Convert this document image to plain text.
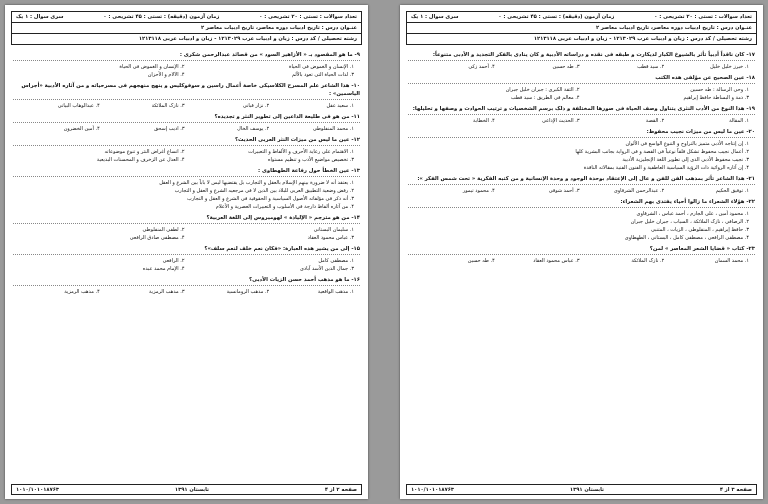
تعداد سوالات : تستی : ۲۰ تشریحی : ۰
زمان آزمون (دقیقه) : تستی : ۴۵ تشریحی : ۰
سری سوال : ۱ یک
عنـوان درس : تاریخ ادبیات دوره معاصر، تاریخ ادبیات معاصر ۲
رشته تحصیلی / کد درس : زبان و ادبیات عرب ۱۲۱۳۰۲۹ - زبان و ادبیات عربی ۱۲۱۳۱۱۸
۹- ما هو المقصود بـ « الأزاهير السود » من قصائد عبدالرحمن شکری :
۱. الإنسان و الغموض فی الحیاة
۲. الإنسان و الغموض فی الحیاة
۳. لذات الحیاة التی تعود بالألم
۴. الآلام و الأحزان
۱۰- هذا الشاعر علم المسرح الکلاسیکی خاصة أعمال راسین و سوفوکلیس و ینهج منهجهم فی مسرحیاته و من آثاره الأدبیة «أجراس الیاسمین» :
۱. سعید عقل
۲. نزار قبانی
۳. نازک الملائکة
۴. عبدالوهاب البیاتی
۱۱- من هو فی طلیعة الداعین إلی تطویر النثر و تجدیده؟
۱. محمد المنفلوطی
۲. یوسف الخال
۳. ادیب إسحق
۴. أمین الخضرون
۱۲- عین ما لیس من میزات النثر العربی الحدیث؟
۱. الاهتمام علی رعایة الأحرف و الألفاظ و التعبیرات
۲. اتساع أغراض النثر و تنوع موضوعاته
۳. تخصیص مواضیع الأدب و تنظیم مستواه
۴. العدل عن الزخرف و المحسنات البدیعیة
۱۳- عین الخطأ حول رفاعة الطهطاوی :
۱. یعتقد أنه لا ضرورة بینهم الإسلام بالعقل و التجارب بل یقتضیها لیس لا باباً بین الشرع و العقل
۲. رفض وضعیة التطبیق العربی للبلاد بین الذین لا فی مرجعیه الشرع و العقل و التجارب
۳. أنه ذکر فی مؤلفاته الأصول السیاسیة و الحقوقیة فی الشرع و العقل و التجارب
۴. من آثاره ألفاظ دارجة فی الأسلوب و التعبیرات العصریة و الأعلام
۱۴- من هو مترجم « الإلیاذة » لهومیروس إلی اللغة العربیة؟
۱. سلیمان البستانی
۲. لطفی المنفلوطی
۳. عباس محمود العقاد
۴. مصطفی صادق الرافعی
۱۵- إلی من یشیر هذه العبارة: «فکان نعم خلف لنعم سلف»؟
۱. مصطفی کامل
۲. الرافعی
۳. جمال الدین الأسد آبادی
۴. الإمام محمد عبده
۱۶- ما هو مذهب أحمد حسن الزیات الأدبی؟
۱. مذهب الواقعیة
۲. مذهب الرومانسیة
۳. مذهب الرمزیة
۴. مذهب الرمزیة
صفحه ۲ از ۴
تابستان ۱۳۹۱
۱۰۱۰/۱۰۱۰۱۸۷۶۳
تعداد سوالات : تستی : ۲۰ تشریحی : ۰
زمان آزمون (دقیقه) : تستی : ۴۵ تشریحی : ۰
سری سوال : ۱ یک
عنـوان درس : تاریخ ادبیات دوره معاصر، تاریخ ادبیات معاصر ۲
رشته تحصیلی / کد درس : زبان و ادبیات عرب ۱۲۱۳۰۲۹ - زبان و ادبیات عربی ۱۲۱۳۱۱۸
۱۷- کان ناقداً أدبیاً تأثر بالشیوخ الکبار لدیکارت و طبقه فی نقده و دراساته الأدبیة و کان ینادی بالفکر التجدید و الأدبی متنوعاً:
۱. خیرز خلیل خلیل
۲. سید قطب
۳. طه حسین
۴. أحمد زکی
۱۸- عین الصحیح عن مؤلفی هذه الکتب
۱. وحی الرسالة : طه حسین
۲. الثقة الکبری : جبران خلیل جبران
۳. ذمة و البساطة حافظ إبراهیم
۴. معالم فی الطریق : سید قطب
۱۹- هذا النوع من الأدب النثری یتناول وصف الحیاة فی صورها المختلفة و ذلک برسم الشخصیات و ترتیب الحوادث و وصفها و تحلیلها:
۱. المقالة
۲. القصة
۳. الحدیث الإذاعی
۴. الخطابة
۲۰- عین ما لیس من میزات نجیب محفوظ:
۱. إن إنتاجه الأدبی متمیز بالتراوح و التنوع الواسع فی الألوان
۲. أعمال نجیب محفوظ تشکل قلقاً نوعیاً فی القصة و فی الروایة بجانب البشریة کلها
۳. نجیب محفوظ الأدبی الذی إلی تطویر اللغة الإنجلیزیة الأدبیة
۴. إن آثاره الروائیة ذات الرؤیة السیاسیة العاطفیة و الفنون الفنیة بمقالاته الناقدة
۲۱- هذا الشاعر تأثر بمذهب الفن للفن و عال إلی الإعتقاد بوحدة الوجود و وحدة الإنسانیة و من کتبه الفکریة « تحت شمس الفکر »:
۱. توفیق الحکیم
۲. عبدالرحمن الشرقاوی
۳. أحمد شوقی
۴. محمود تیمور
۲۲- هؤلاء الشعراء ما زالوا أحیاء یفتدی بهم الشعراء:
۱. محمود أمین ، علی الجارم ، أحمد عباس ، الشرقاوی
۲. الرصافی ، نازک الملائکة ، السیاب ، جبران خلیل جبران
۳. حافظ إبراهیم ، المنفلوطی ، الزیات ، المتنبی
۴. مصطفی الرافعی ، مصطفی کامل ، البستانی ، الطهطاوی
۲۳- کتاب « قضایا الشعر المعاصر » لمن؟
۱. محمد السمان
۲. نازک الملائکة
۳. عباس محمود العقاد
۴. طه حسین
صفحه ۳ از ۴
تابستان ۱۳۹۱
۱۰۱۰/۱۰۱۰۱۸۷۶۳
